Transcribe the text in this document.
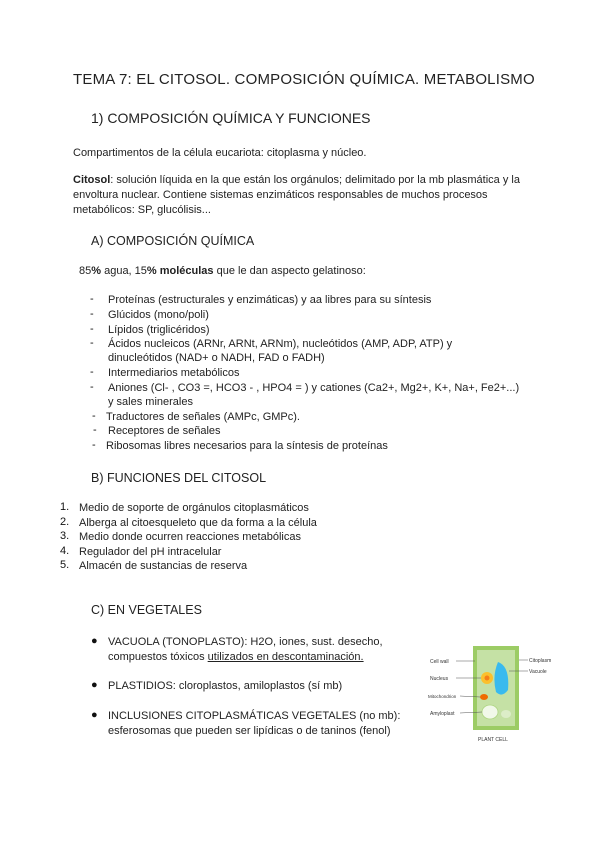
TEMA 7: EL CITOSOL. COMPOSICIÓN QUÍMICA. METABOLISMO
1) COMPOSICIÓN QUÍMICA Y FUNCIONES
Compartimentos de la célula eucariota: citoplasma y núcleo.
Citosol: solución líquida en la que están los orgánulos; delimitado por la mb plasmática y la
envoltura nuclear. Contiene sistemas enzimáticos responsables de muchos procesos
metabólicos: SP, glucólisis...
A) COMPOSICIÓN QUÍMICA
85% agua, 15% moléculas que le dan aspecto gelatinoso:
- Proteínas (estructurales y enzimáticas) y aa libres para su síntesis
- Glúcidos (mono/poli)
- Lípidos (triglicéridos)
- Ácidos nucleicos (ARNr, ARNt, ARNm), nucleótidos (AMP, ADP, ATP) y
dinucleótidos (NAD+ o NADH, FAD o FADH)
- Intermediarios metabólicos
- Aniones (Cl- , CO3 =, HCO3 - , HPO4 = ) y cationes (Ca2+, Mg2+, K+, Na+, Fe2+...)
y sales minerales
- Traductores de señales (AMPc, GMPc).
- Receptores de señales
- Ribosomas libres necesarios para la síntesis de proteínas
B) FUNCIONES DEL CITOSOL
1. Medio de soporte de orgánulos citoplasmáticos
2. Alberga al citoesqueleto que da forma a la célula
3. Medio donde ocurren reacciones metabólicas
4. Regulador del pH intracelular
5. Almacén de sustancias de reserva
C) EN VEGETALES
● VACUOLA (TONOPLASTO): H2O, iones, sust. desecho,
compuestos tóxicos utilizados en descontaminación.
● PLASTIDIOS: cloroplastos, amiloplastos (sí mb)
● INCLUSIONES CITOPLASMÁTICAS VEGETALES (no mb):
esferosomas que pueden ser lipídicas o de taninos (fenol)
Cell wall
Nucleus
Mitochondrion
Amyloplast
Citoplasm
Vacuole
PLANT CELL
